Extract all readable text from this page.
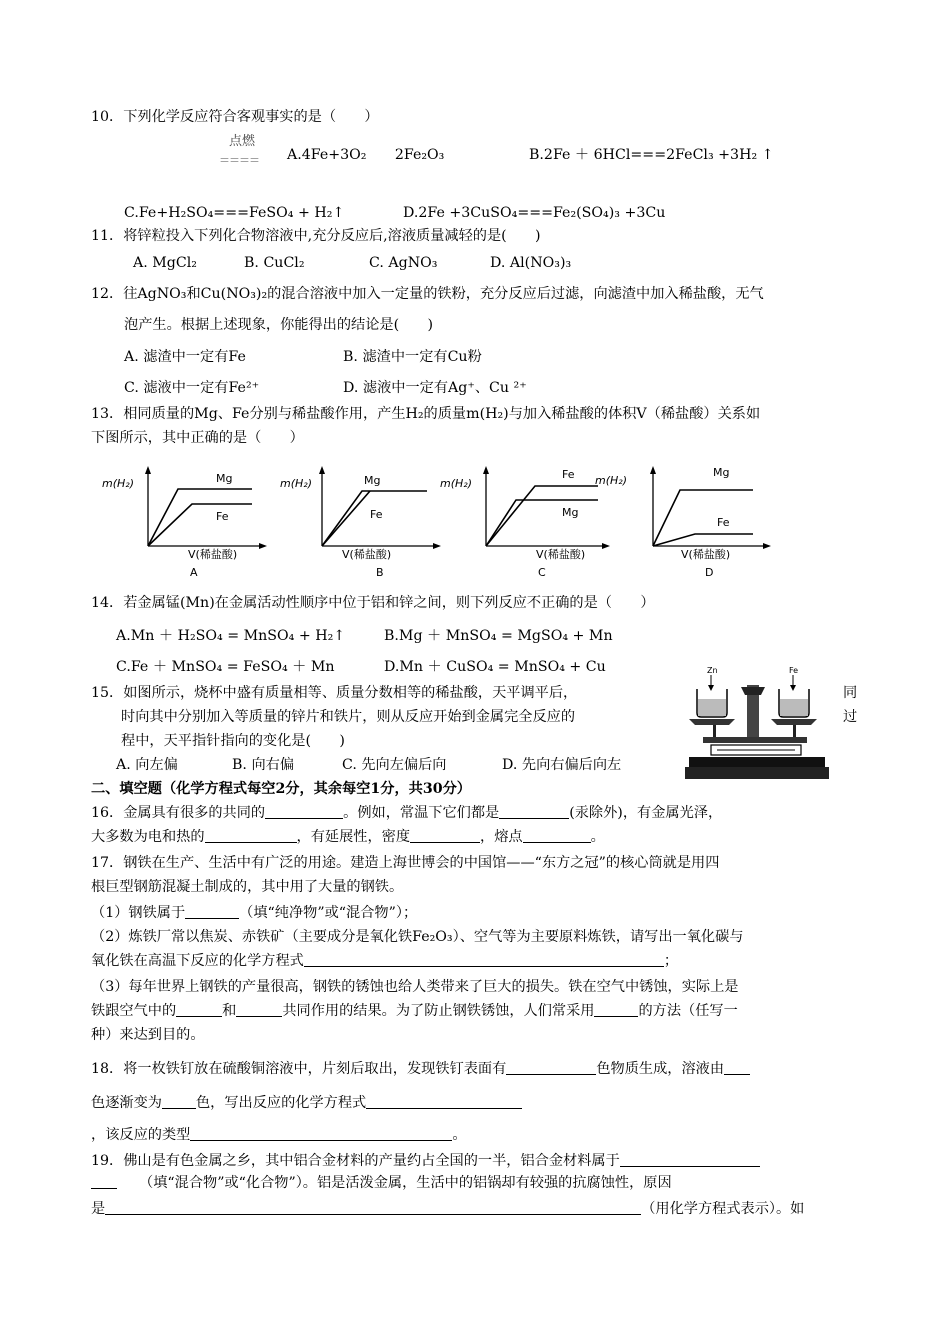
10．下列化学反应符合客观事实的是（　　）
点燃
＝＝＝＝ A.4Fe+3O₂　　2Fe₂O₃	B.2Fe ＋ 6HCl===2FeCl₃ +3H₂ ↑
C.Fe+H₂SO₄===FeSO₄ + H₂↑	D.2Fe +3CuSO₄===Fe₂(SO₄)₃ +3Cu
11．将锌粒投入下列化合物溶液中,充分反应后,溶液质量减轻的是(　　)
A. MgCl₂	B. CuCl₂	C. AgNO₃	D. Al(NO₃)₃
12．往AgNO₃和Cu(NO₃)₂的混合溶液中加入一定量的铁粉，充分反应后过滤，向滤渣中加入稀盐酸，无气
泡产生。根据上述现象，你能得出的结论是(　　)
A. 滤渣中一定有Fe	B. 滤渣中一定有Cu粉
C. 滤液中一定有Fe²⁺	D. 滤液中一定有Ag⁺、Cu ²⁺
13．相同质量的Mg、Fe分别与稀盐酸作用，产生H₂的质量m(H₂)与加入稀盐酸的体积V（稀盐酸）关系如
下图所示，其中正确的是（　　）
m(H₂)	Mg
Fe
V(稀盐酸)
A
m(H₂)	Mg
Fe
V(稀盐酸)
B
m(H₂)
Fe
Mg
V(稀盐酸)
C
m(H₂)
Mg
Fe
V(稀盐酸)
D
14．若金属锰(Mn)在金属活动性顺序中位于铝和锌之间，则下列反应不正确的是（　　）
A.Mn ＋ H₂SO₄ = MnSO₄ + H₂↑	B.Mg ＋ MnSO₄ = MgSO₄ + Mn
C.Fe ＋ MnSO₄ = FeSO₄ ＋ Mn	D.Mn ＋ CuSO₄ = MnSO₄ + Cu
15．如图所示，烧杯中盛有质量相等、质量分数相等的稀盐酸，天平调平后，	同
时向其中分别加入等质量的锌片和铁片，则从反应开始到金属完全反应的	过
程中，天平指针指向的变化是(　　)
A. 向左偏	B. 向右偏	C. 先向左偏后向	D. 先向右偏后向左
Zn	Fe
二、填空题（化学方程式每空2分，其余每空1分，共30分）
16．金属具有很多的共同的	。例如，常温下它们都是	(汞除外)，有金属光泽，
大多数为电和热的	，有延展性，密度	，熔点	。
17．钢铁在生产、生活中有广泛的用途。建造上海世博会的中国馆——“东方之冠”的核心筒就是用四
根巨型钢筋混凝土制成的，其中用了大量的钢铁。
（1）钢铁属于	（填“纯净物”或“混合物”）；
（2）炼铁厂常以焦炭、赤铁矿（主要成分是氧化铁Fe₂O₃）、空气等为主要原料炼铁，请写出一氧化碳与
氧化铁在高温下反应的化学方程式	；
（3）每年世界上钢铁的产量很高，钢铁的锈蚀也给人类带来了巨大的损失。铁在空气中锈蚀，实际上是
铁跟空气中的	和	共同作用的结果。为了防止钢铁锈蚀，人们常采用	的方法（任写一
种）来达到目的。
18．将一枚铁钉放在硫酸铜溶液中，片刻后取出，发现铁钉表面有	色物质生成，溶液由
色逐渐变为 色，写出反应的化学方程式
，该反应的类型	。
19．佛山是有色金属之乡，其中铝合金材料的产量约占全国的一半，铝合金材料属于
（填“混合物”或“化合物”）。铝是活泼金属，生活中的铝锅却有较强的抗腐蚀性，原因
是	（用化学方程式表示）。如
